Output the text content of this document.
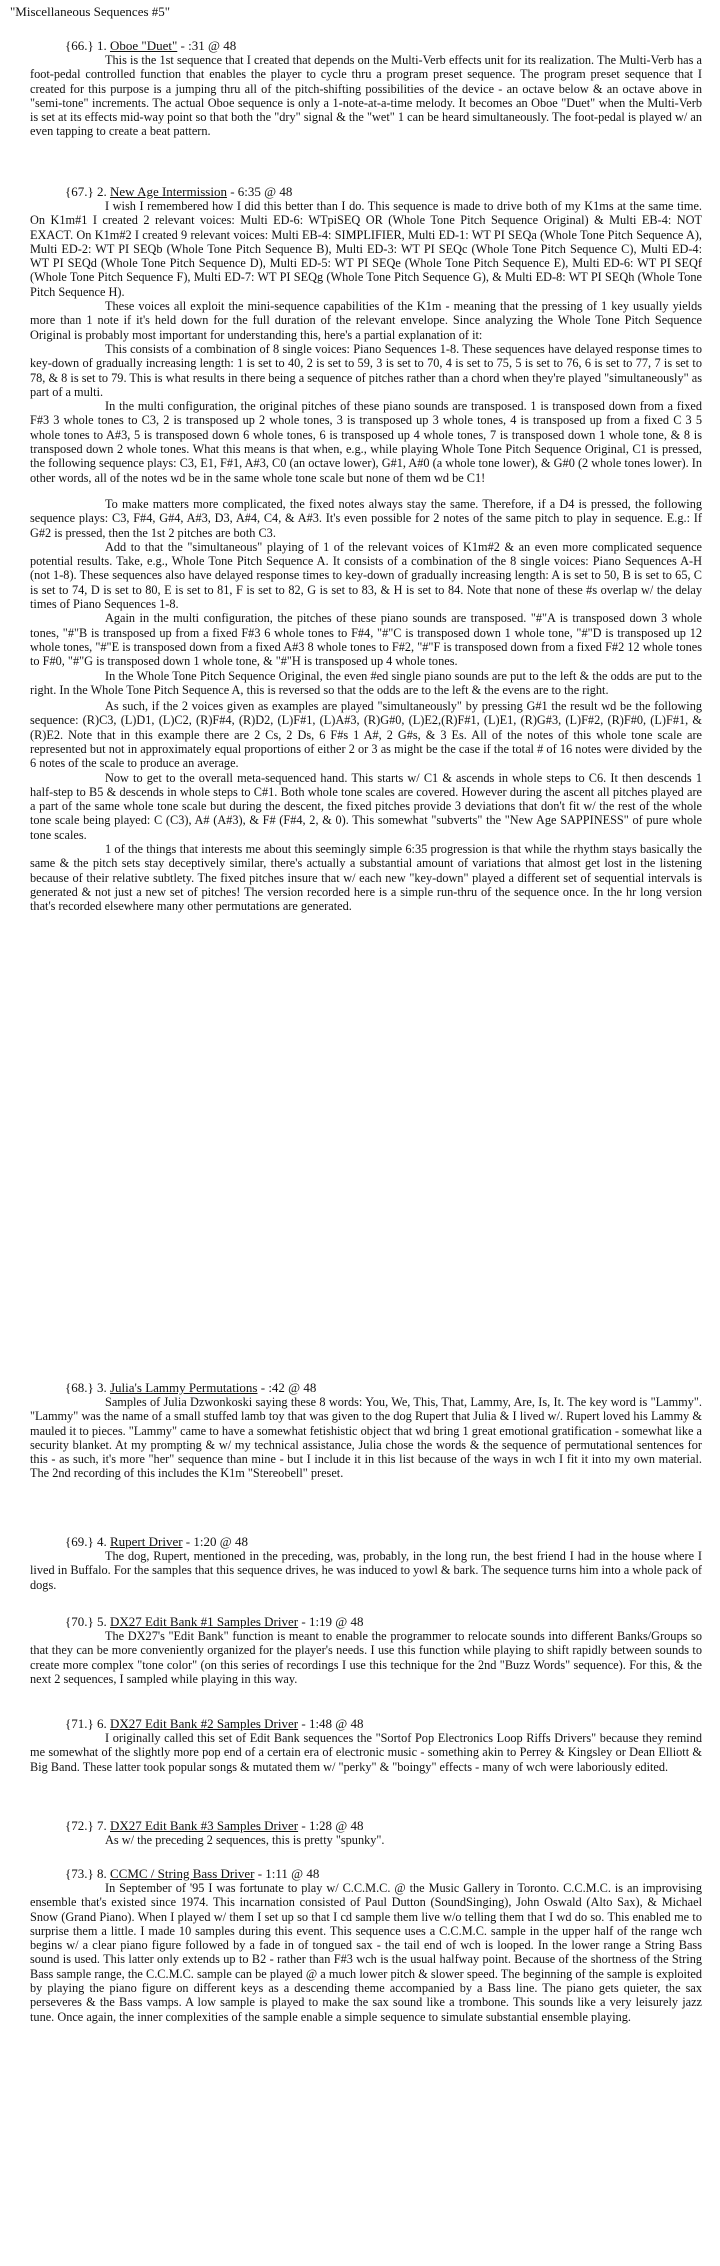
"Miscellaneous Sequences #5"
{66.} 1. Oboe "Duet" - :31 @ 48

This is the 1st sequence that I created that depends on the Multi-Verb effects unit for its realization. The Multi-Verb has a foot-pedal controlled function that enables the player to cycle thru a program preset sequence. The program preset sequence that I created for this purpose is a jumping thru all of the pitch-shifting possibilities of the device - an octave below & an octave above in "semi-tone" increments. The actual Oboe sequence is only a 1-note-at-a-time melody. It becomes an Oboe "Duet" when the Multi-Verb is set at its effects mid-way point so that both the "dry" signal & the "wet" 1 can be heard simultaneously. The foot-pedal is played w/ an even tapping to create a beat pattern.

{67.} 2. New Age Intermission - 6:35 @ 48

I wish I remembered how I did this better than I do. This sequence is made to drive both of my K1ms at the same time. On K1m#1 I created 2 relevant voices: Multi ED-6: WTpiSEQ OR (Whole Tone Pitch Sequence Original) & Multi EB-4: NOT EXACT. On K1m#2 I created 9 relevant voices: Multi EB-4: SIMPLIFIER, Multi ED-1: WT PI SEQa (Whole Tone Pitch Sequence A), Multi ED-2: WT PI SEQb (Whole Tone Pitch Sequence B), Multi ED-3: WT PI SEQc (Whole Tone Pitch Sequence C), Multi ED-4: WT PI SEQd (Whole Tone Pitch Sequence D), Multi ED-5: WT PI SEQe (Whole Tone Pitch Sequence E), Multi ED-6: WT PI SEQf (Whole Tone Pitch Sequence F), Multi ED-7: WT PI SEQg (Whole Tone Pitch Sequence G), & Multi ED-8: WT PI SEQh (Whole Tone Pitch Sequence H).

These voices all exploit the mini-sequence capabilities of the K1m - meaning that the pressing of 1 key usually yields more than 1 note if it's held down for the full duration of the relevant envelope. Since analyzing the Whole Tone Pitch Sequence Original is probably most important for understanding this, here's a partial explanation of it:

This consists of a combination of 8 single voices: Piano Sequences 1-8. These sequences have delayed response times to key-down of gradually increasing length: 1 is set to 40, 2 is set to 59, 3 is set to 70, 4 is set to 75, 5 is set to 76, 6 is set to 77, 7 is set to 78, & 8 is set to 79. This is what results in there being a sequence of pitches rather than a chord when they're played "simultaneously" as part of a multi.

In the multi configuration, the original pitches of these piano sounds are transposed. 1 is transposed down from a fixed F#3 3 whole tones to C3, 2 is transposed up 2 whole tones, 3 is transposed up 3 whole tones, 4 is transposed up from a fixed C 3 5 whole tones to A#3, 5 is transposed down 6 whole tones, 6 is transposed up 4 whole tones, 7 is transposed down 1 whole tone, & 8 is transposed down 2 whole tones. What this means is that when, e.g., while playing Whole Tone Pitch Sequence Original, C1 is pressed, the following sequence plays: C3, E1, F#1, A#3, C0 (an octave lower), G#1, A#0 (a whole tone lower), & G#0 (2 whole tones lower). In other words, all of the notes wd be in the same whole tone scale but none of them wd be C1!

To make matters more complicated, the fixed notes always stay the same. Therefore, if a D4 is pressed, the following sequence plays: C3, F#4, G#4, A#3, D3, A#4, C4, & A#3. It's even possible for 2 notes of the same pitch to play in sequence. E.g.: If G#2 is pressed, then the 1st 2 pitches are both C3.

Add to that the "simultaneous" playing of 1 of the relevant voices of K1m#2 & an even more complicated sequence potential results. Take, e.g., Whole Tone Pitch Sequence A. It consists of a combination of the 8 single voices: Piano Sequences A-H (not 1-8). These sequences also have delayed response times to key-down of gradually increasing length: A is set to 50, B is set to 65, C is set to 74, D is set to 80, E is set to 81, F is set to 82, G is set to 83, & H is set to 84. Note that none of these #s overlap w/ the delay times of Piano Sequences 1-8.

Again in the multi configuration, the pitches of these piano sounds are transposed. "#"A is transposed down 3 whole tones, "#"B is transposed up from a fixed F#3 6 whole tones to F#4, "#"C is transposed down 1 whole tone, "#"D is transposed up 12 whole tones, "#"E is transposed down from a fixed A#3 8 whole tones to F#2, "#"F is transposed down from a fixed F#2 12 whole tones to F#0, "#"G is transposed down 1 whole tone, & "#"H is transposed up 4 whole tones.

In the Whole Tone Pitch Sequence Original, the even #ed single piano sounds are put to the left & the odds are put to the right. In the Whole Tone Pitch Sequence A, this is reversed so that the odds are to the left & the evens are to the right.

As such, if the 2 voices given as examples are played "simultaneously" by pressing G#1 the result wd be the following sequence: (R)C3, (L)D1, (L)C2, (R)F#4, (R)D2, (L)F#1, (L)A#3, (R)G#0, (L)E2,(R)F#1, (L)E1, (R)G#3, (L)F#2, (R)F#0, (L)F#1, & (R)E2. Note that in this example there are 2 Cs, 2 Ds, 6 F#s 1 A#, 2 G#s, & 3 Es. All of the notes of this whole tone scale are represented but not in approximately equal proportions of either 2 or 3 as might be the case if the total # of 16 notes were divided by the 6 notes of the scale to produce an average.

Now to get to the overall meta-sequenced hand. This starts w/ C1 & ascends in whole steps to C6. It then descends 1 half-step to B5 & descends in whole steps to C#1. Both whole tone scales are covered. However during the ascent all pitches played are a part of the same whole tone scale but during the descent, the fixed pitches provide 3 deviations that don't fit w/ the rest of the whole tone scale being played: C (C3), A# (A#3), & F# (F#4, 2, & 0). This somewhat "subverts" the "New Age SAPPINESS" of pure whole tone scales.

1 of the things that interests me about this seemingly simple 6:35 progression is that while the rhythm stays basically the same & the pitch sets stay deceptively similar, there's actually a substantial amount of variations that almost get lost in the listening because of their relative subtlety. The fixed pitches insure that w/ each new "key-down" played a different set of sequential intervals is generated & not just a new set of pitches! The version recorded here is a simple run-thru of the sequence once. In the hr long version that's recorded elsewhere many other permutations are generated.

{68.} 3. Julia's Lammy Permutations - :42 @ 48

Samples of Julia Dzwonkoski saying these 8 words: You, We, This, That, Lammy, Are, Is, It. The key word is "Lammy". "Lammy" was the name of a small stuffed lamb toy that was given to the dog Rupert that Julia & I lived w/. Rupert loved his Lammy & mauled it to pieces. "Lammy" came to have a somewhat fetishistic object that wd bring 1 great emotional gratification - somewhat like a security blanket. At my prompting & w/ my technical assistance, Julia chose the words & the sequence of permutational sentences for this - as such, it's more "her" sequence than mine - but I include it in this list because of the ways in wch I fit it into my own material. The 2nd recording of this includes the K1m "Stereobell" preset.

{69.} 4. Rupert Driver - 1:20 @ 48

The dog, Rupert, mentioned in the preceding, was, probably, in the long run, the best friend I had in the house where I lived in Buffalo. For the samples that this sequence drives, he was induced to yowl & bark. The sequence turns him into a whole pack of dogs.

{70.} 5. DX27 Edit Bank #1 Samples Driver - 1:19 @ 48

The DX27's "Edit Bank" function is meant to enable the programmer to relocate sounds into different Banks/Groups so that they can be more conveniently organized for the player's needs. I use this function while playing to shift rapidly between sounds to create more complex "tone color" (on this series of recordings I use this technique for the 2nd "Buzz Words" sequence). For this, & the next 2 sequences, I sampled while playing in this way.

{71.} 6. DX27 Edit Bank #2 Samples Driver - 1:48 @ 48

I originally called this set of Edit Bank sequences the "Sortof Pop Electronics Loop Riffs Drivers" because they remind me somewhat of the slightly more pop end of a certain era of electronic music - something akin to Perrey & Kingsley or Dean Elliott & Big Band. These latter took popular songs & mutated them w/ "perky" & "boingy" effects - many of wch were laboriously edited.

{72.} 7. DX27 Edit Bank #3 Samples Driver - 1:28 @ 48

As w/ the preceding 2 sequences, this is pretty "spunky".

{73.} 8. CCMC / String Bass Driver - 1:11 @ 48

In September of '95 I was fortunate to play w/ C.C.M.C. @ the Music Gallery in Toronto. C.C.M.C. is an improvising ensemble that's existed since 1974. This incarnation consisted of Paul Dutton (SoundSinging), John Oswald (Alto Sax), & Michael Snow (Grand Piano). When I played w/ them I set up so that I cd sample them live w/o telling them that I wd do so. This enabled me to surprise them a little. I made 10 samples during this event. This sequence uses a C.C.M.C. sample in the upper half of the range wch begins w/ a clear piano figure followed by a fade in of tongued sax - the tail end of wch is looped. In the lower range a String Bass sound is used. This latter only extends up to B2 - rather than F#3 wch is the usual halfway point. Because of the shortness of the String Bass sample range, the C.C.M.C. sample can be played @ a much lower pitch & slower speed. The beginning of the sample is exploited by playing the piano figure on different keys as a descending theme accompanied by a Bass line. The piano gets quieter, the sax perseveres & the Bass vamps. A low sample is played to make the sax sound like a trombone. This sounds like a very leisurely jazz tune. Once again, the inner complexities of the sample enable a simple sequence to simulate substantial ensemble playing.
